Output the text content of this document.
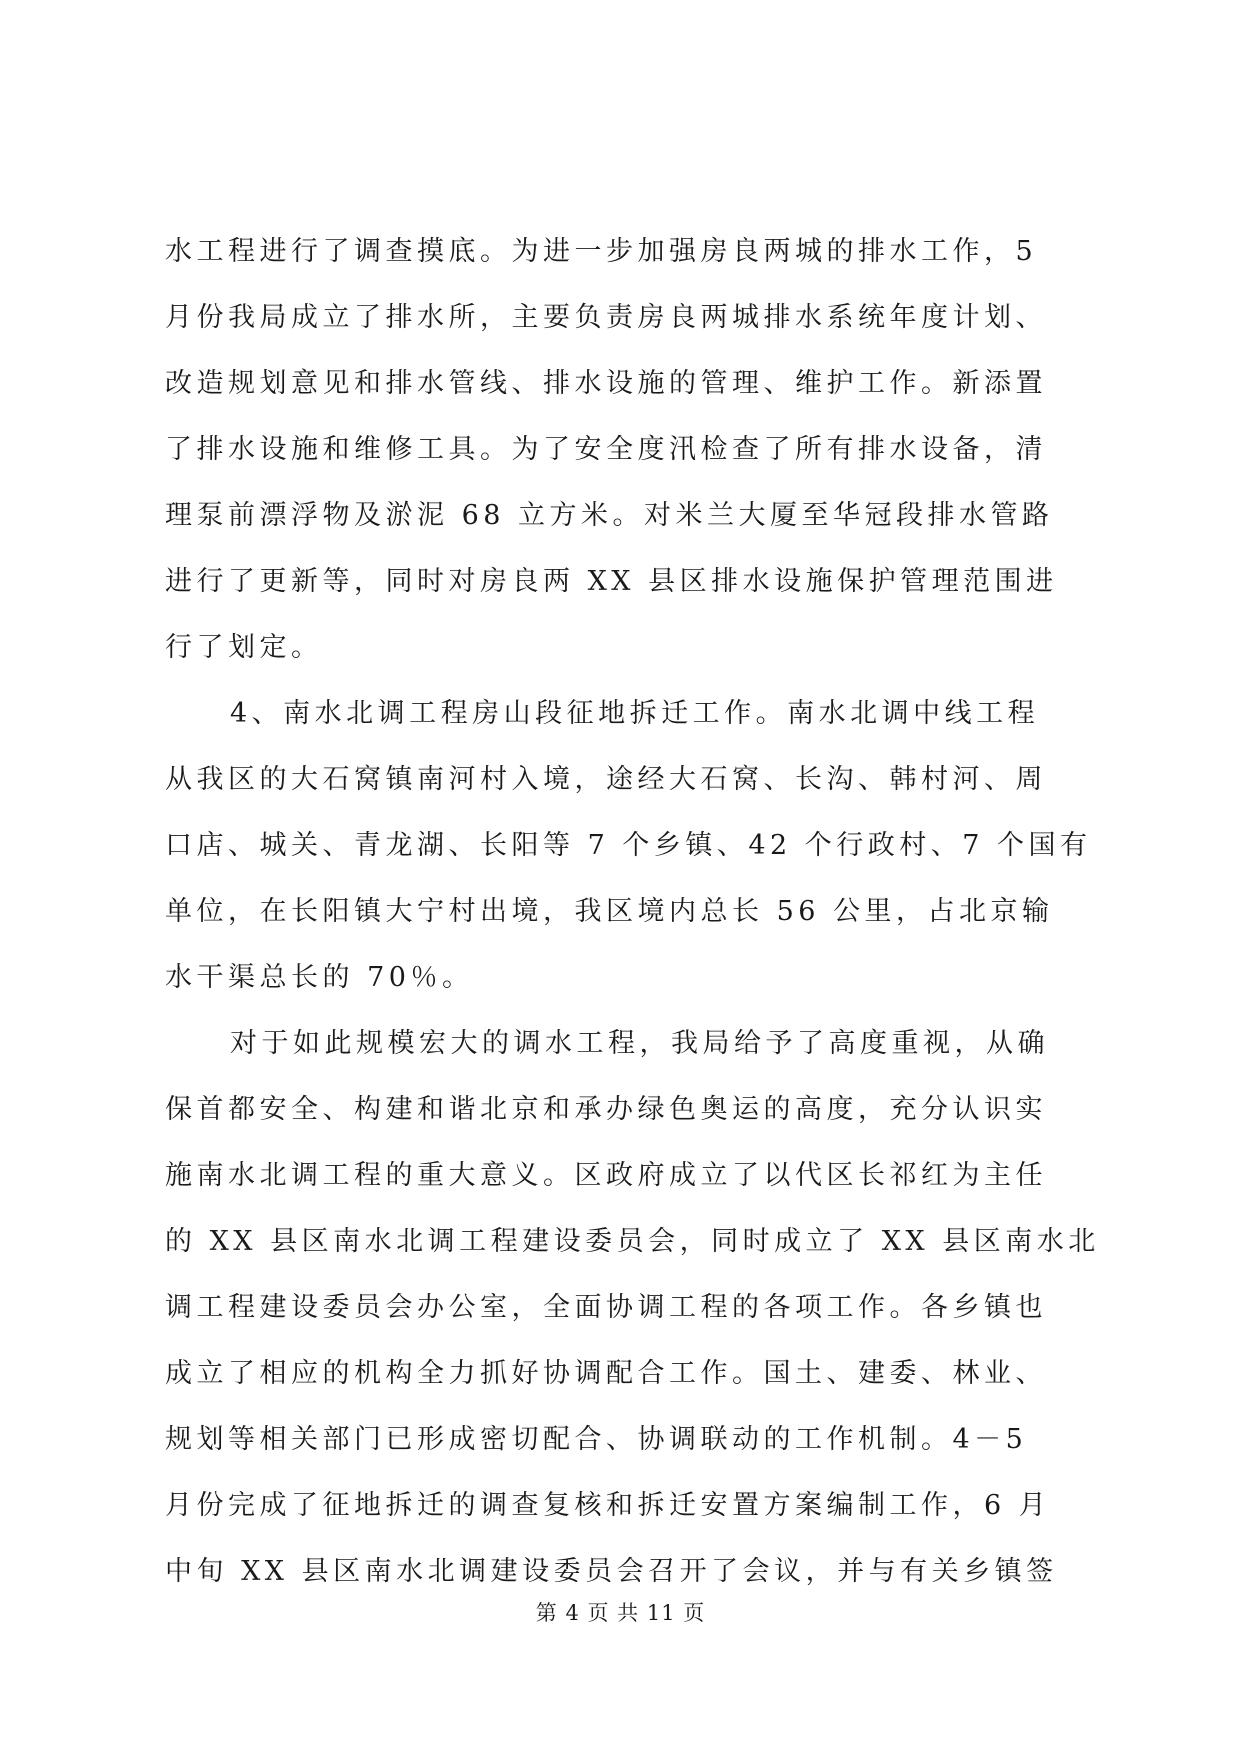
水工程进行了调查摸底。为进一步加强房良两城的排水工作，5
月份我局成立了排水所，主要负责房良两城排水系统年度计划、
改造规划意见和排水管线、排水设施的管理、维护工作。新添置
了排水设施和维修工具。为了安全度汛检查了所有排水设备，清
理泵前漂浮物及淤泥 68 立方米。对米兰大厦至华冠段排水管路
进行了更新等，同时对房良两 XX 县区排水设施保护管理范围进
行了划定。
4、南水北调工程房山段征地拆迁工作。南水北调中线工程
从我区的大石窝镇南河村入境，途经大石窝、长沟、韩村河、周
口店、城关、青龙湖、长阳等 7 个乡镇、42 个行政村、7 个国有
单位，在长阳镇大宁村出境，我区境内总长 56 公里，占北京输
水干渠总长的 70％。
对于如此规模宏大的调水工程，我局给予了高度重视，从确
保首都安全、构建和谐北京和承办绿色奥运的高度，充分认识实
施南水北调工程的重大意义。区政府成立了以代区长祁红为主任
的 XX 县区南水北调工程建设委员会，同时成立了 XX 县区南水北
调工程建设委员会办公室，全面协调工程的各项工作。各乡镇也
成立了相应的机构全力抓好协调配合工作。国土、建委、林业、
规划等相关部门已形成密切配合、协调联动的工作机制。4－5
月份完成了征地拆迁的调查复核和拆迁安置方案编制工作，6 月
中旬 XX 县区南水北调建设委员会召开了会议，并与有关乡镇签
第 4 页 共 11 页
